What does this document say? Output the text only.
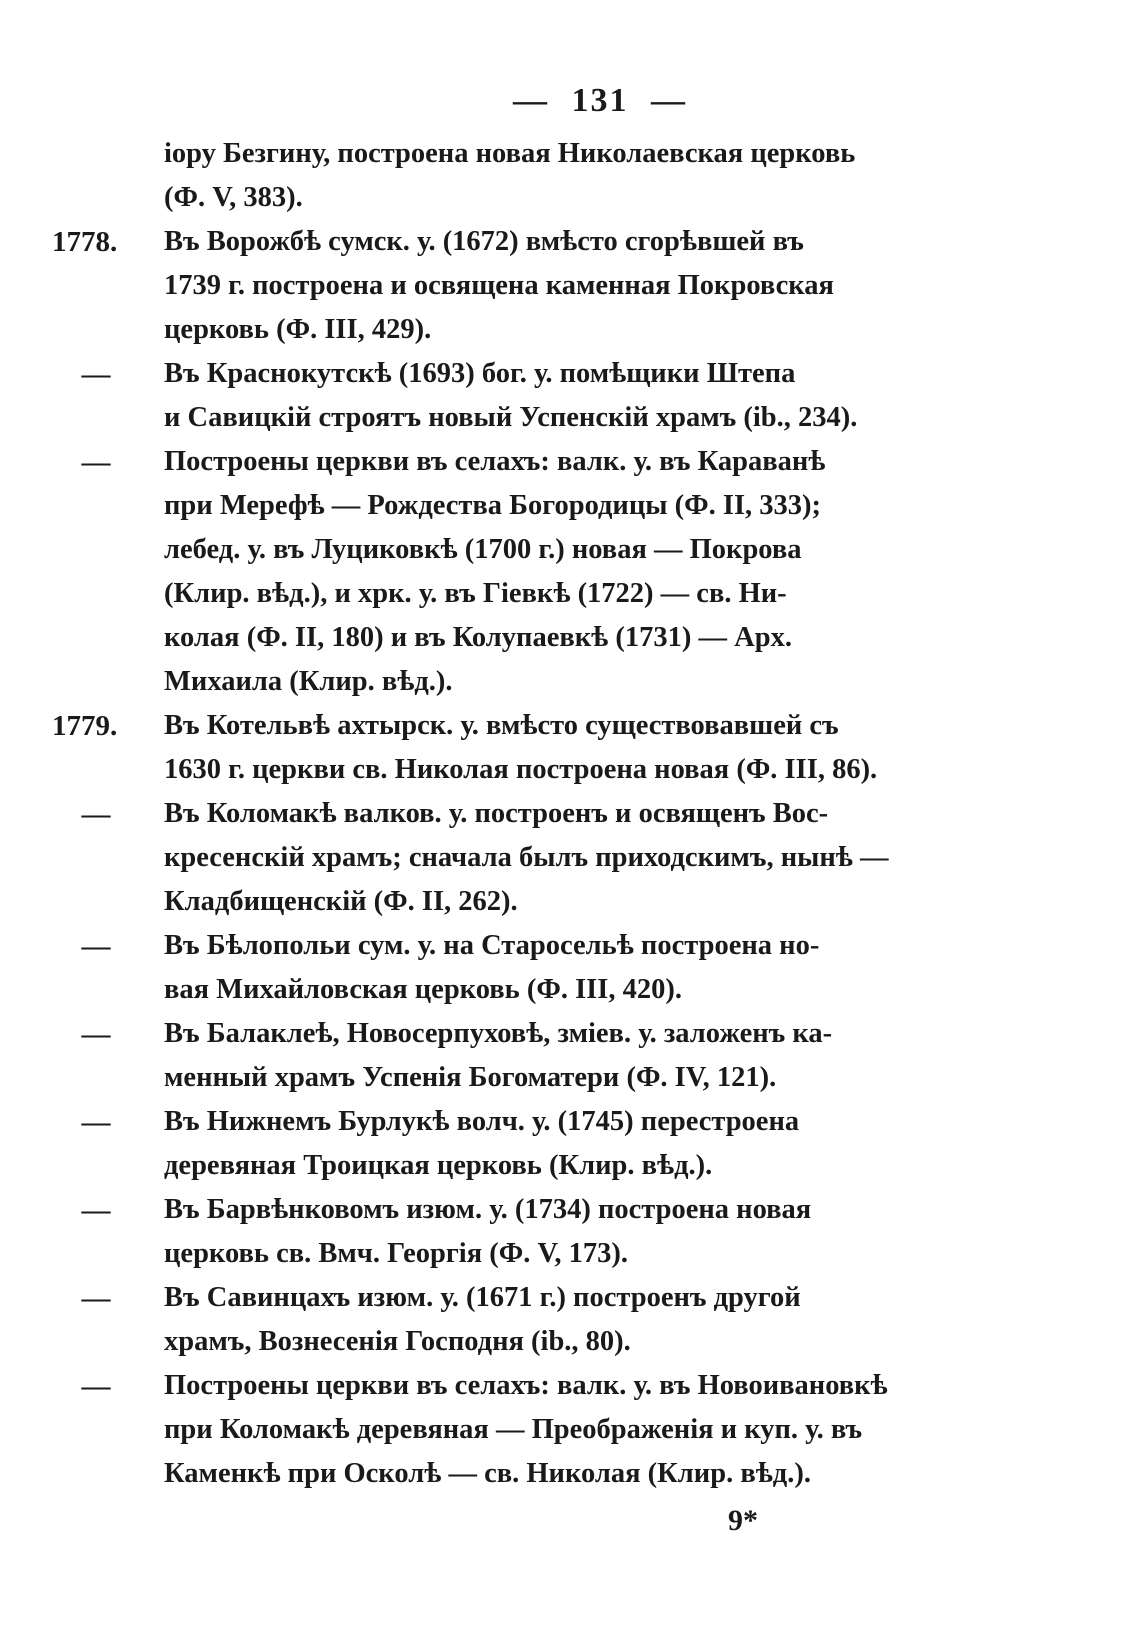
— 131 —
іору Безгину, построена новая Николаевская церковь
(Ф. V, 383).
1778.	Въ Ворожбѣ сумск. у. (1672) вмѣсто сгорѣвшей въ
1739 г. построена и освящена каменная Покровская
церковь (Ф. III, 429).
—	Въ Краснокутскѣ (1693) бог. у. помѣщики Штепа
и Савицкій строятъ новый Успенскій храмъ (ib., 234).
—	Построены церкви въ селахъ: валк. у. въ Караванѣ
при Мерефѣ — Рождества Богородицы (Ф. II, 333);
лебед. у. въ Луциковкѣ (1700 г.) новая — Покрова
(Клир. вѣд.), и хрк. у. въ Гіевкѣ (1722) — св. Ни-
колая (Ф. II, 180) и въ Колупаевкѣ (1731) — Арх.
Михаила (Клир. вѣд.).
1779.	Въ Котельвѣ ахтырск. у. вмѣсто существовавшей съ
1630 г. церкви св. Николая построена новая (Ф. III, 86).
—	Въ Коломакѣ валков. у. построенъ и освященъ Вос-
кресенскій храмъ; сначала былъ приходскимъ, нынѣ —
Кладбищенскій (Ф. II, 262).
—	Въ Бѣлопольи сум. у. на Старосельѣ построена но-
вая Михайловская церковь (Ф. III, 420).
—	Въ Балаклеѣ, Новосерпуховѣ, зміев. у. заложенъ ка-
менный храмъ Успенія Богоматери (Ф. IV, 121).
—	Въ Нижнемъ Бурлукѣ волч. у. (1745) перестроена
деревяная Троицкая церковь (Клир. вѣд.).
—	Въ Барвѣнковомъ изюм. у. (1734) построена новая
церковь св. Вмч. Георгія (Ф. V, 173).
—	Въ Савинцахъ изюм. у. (1671 г.) построенъ другой
храмъ, Вознесенія Господня (ib., 80).
—	Построены церкви въ селахъ: валк. у. въ Новоивановкѣ
при Коломакѣ деревяная — Преображенія и куп. у. въ
Каменкѣ при Осколѣ — св. Николая (Клир. вѣд.).
9*
